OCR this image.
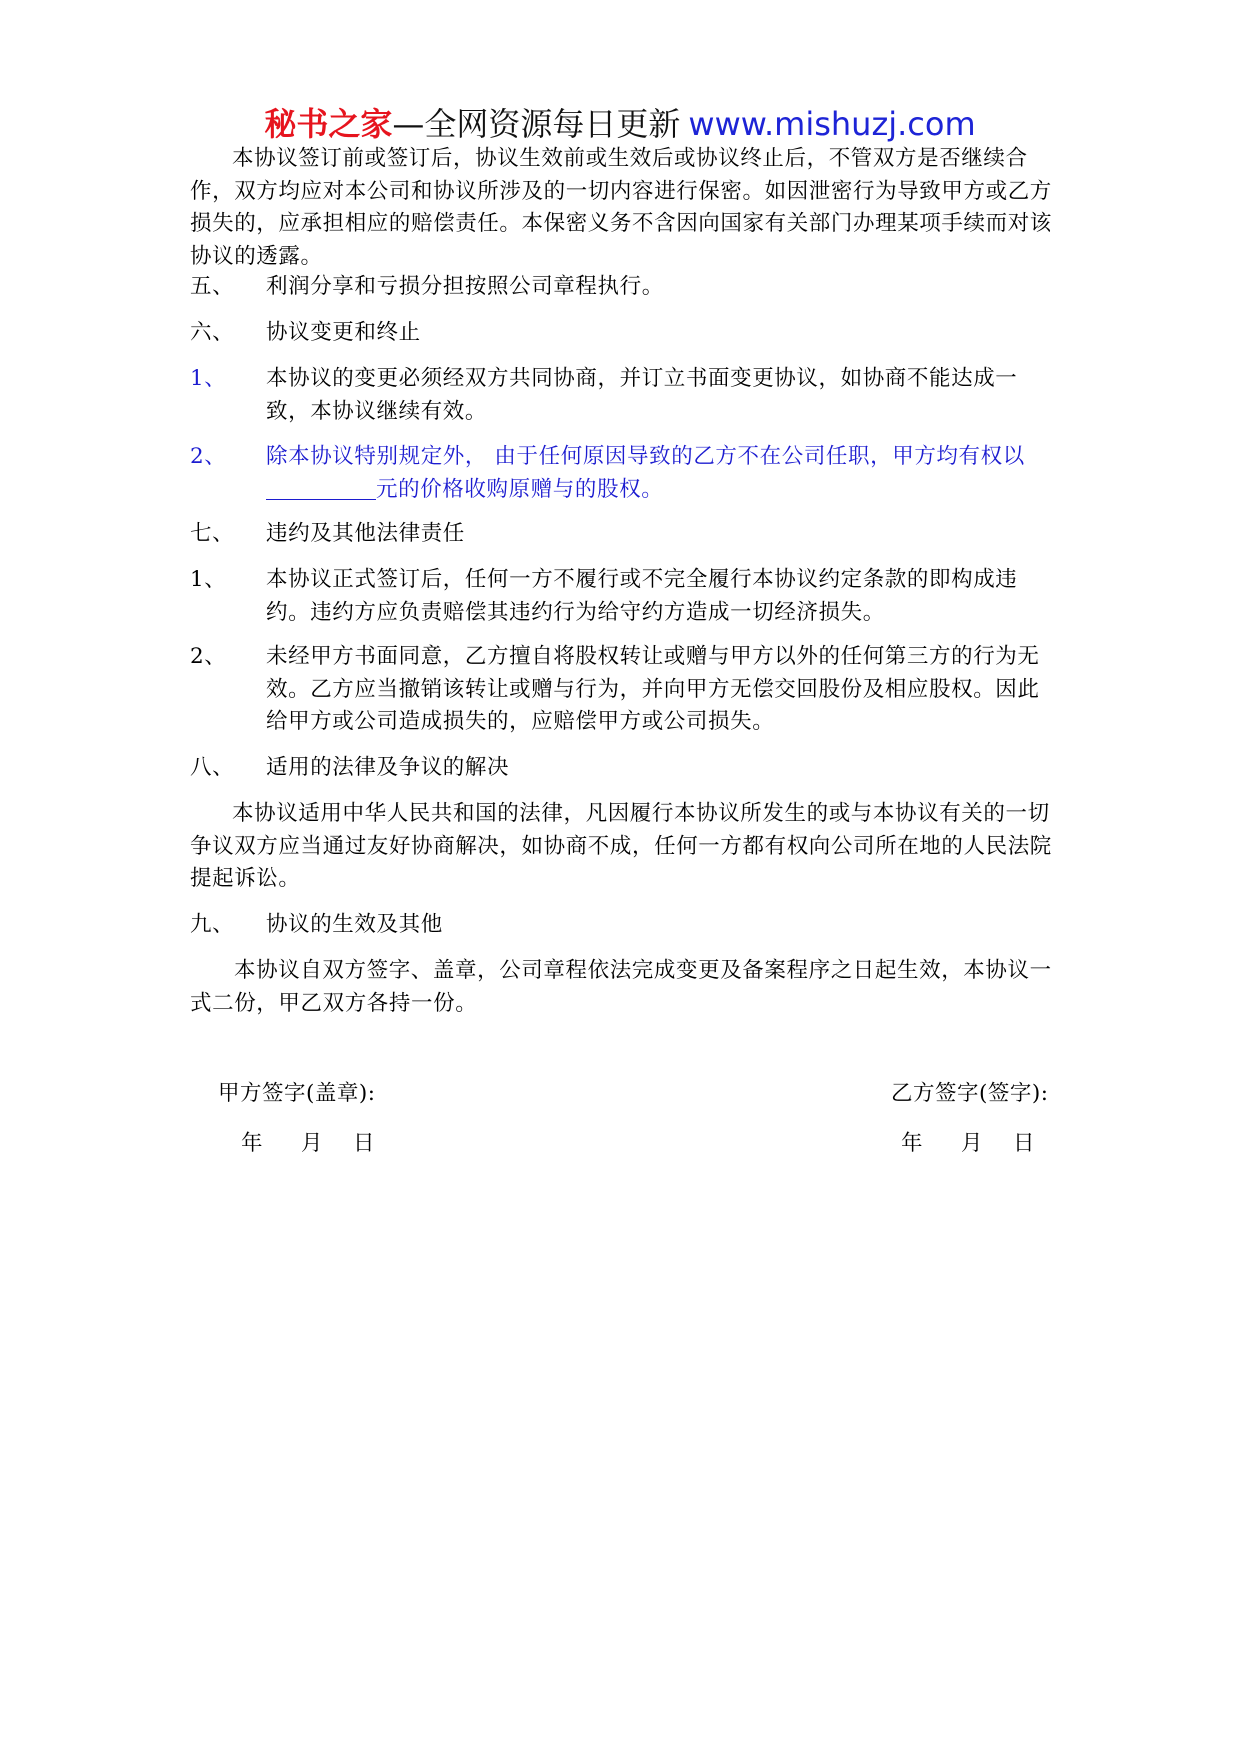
秘书之家—全网资源每日更新 www.mishuzj.com

本协议签订前或签订后，协议生效前或生效后或协议终止后，不管双方是否继续合作，双方均应对本公司和协议所涉及的一切内容进行保密。如因泄密行为导致甲方或乙方损失的，应承担相应的赔偿责任。本保密义务不含因向国家有关部门办理某项手续而对该协议的透露。

五、 利润分享和亏损分担按照公司章程执行。

六、 协议变更和终止

1、 本协议的变更必须经双方共同协商，并订立书面变更协议，如协商不能达成一致，本协议继续有效。

2、 除本协议特别规定外， 由于任何原因导致的乙方不在公司任职，甲方均有权以元的价格收购原赠与的股权。

七、 违约及其他法律责任

1、 本协议正式签订后，任何一方不履行或不完全履行本协议约定条款的即构成违约。违约方应负责赔偿其违约行为给守约方造成一切经济损失。

2、 未经甲方书面同意，乙方擅自将股权转让或赠与甲方以外的任何第三方的行为无效。乙方应当撤销该转让或赠与行为，并向甲方无偿交回股份及相应股权。因此给甲方或公司造成损失的，应赔偿甲方或公司损失。

八、 适用的法律及争议的解决

本协议适用中华人民共和国的法律，凡因履行本协议所发生的或与本协议有关的一切争议双方应当通过友好协商解决，如协商不成，任何一方都有权向公司所在地的人民法院提起诉讼。

九、 协议的生效及其他

本协议自双方签字、盖章，公司章程依法完成变更及备案程序之日起生效，本协议一式二份，甲乙双方各持一份。

甲方签字(盖章):	乙方签字(签字):
年 月 日	年 月 日
